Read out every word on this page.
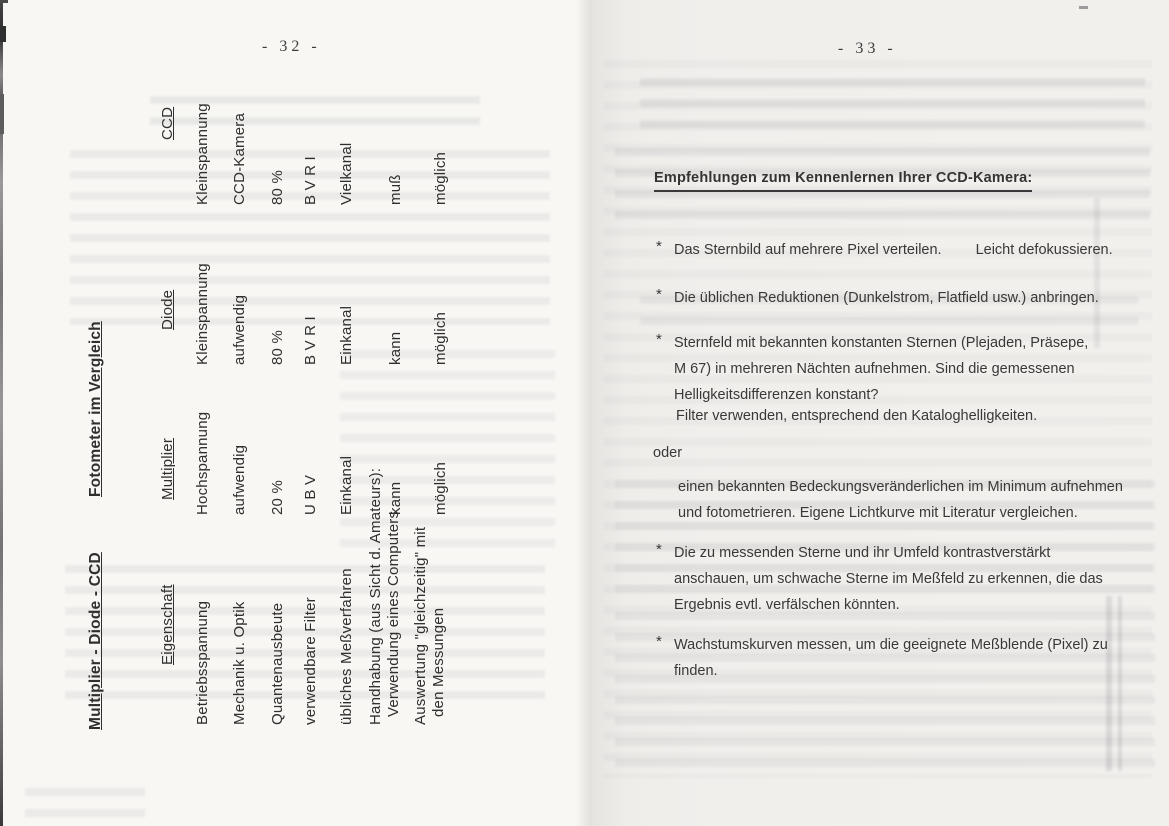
- 32 -
Multiplier - Diode - CCD
Fotometer im Vergleich
Eigenschaft
Multiplier
Diode
CCD
Betriebsspannung
Hochspannung
Kleinspannung
Kleinspannung
Mechanik u. Optik
aufwendig
aufwendig
CCD-Kamera
Quantenausbeute
20 %
80 %
80 %
verwendbare Filter
U B V
B V R I
B V R I
übliches Meßverfahren
Einkanal
Einkanal
Vielkanal
Handhabung (aus Sicht d. Amateurs): Verwendung eines Computers
kann
kann
muß
Auswertung "gleichzeitig" mit den Messungen
möglich
möglich
möglich
- 33 -
Empfehlungen zum Kennenlernen Ihrer CCD-Kamera:
* Das Sternbild auf mehrere Pixel verteilen. Leicht defokussieren.
* Die üblichen Reduktionen (Dunkelstrom, Flatfield usw.) anbringen.
* Sternfeld mit bekannten konstanten Sternen (Plejaden, Präsepe,
M 67) in mehreren Nächten aufnehmen. Sind die gemessenen
Helligkeitsdifferenzen konstant?
Filter verwenden, entsprechend den Kataloghelligkeiten.
oder
einen bekannten Bedeckungsveränderlichen im Minimum aufnehmen
und fotometrieren. Eigene Lichtkurve mit Literatur vergleichen.
* Die zu messenden Sterne und ihr Umfeld kontrastverstärkt
anschauen, um schwache Sterne im Meßfeld zu erkennen, die das
Ergebnis evtl. verfälschen könnten.
* Wachstumskurven messen, um die geeignete Meßblende (Pixel) zu
finden.
